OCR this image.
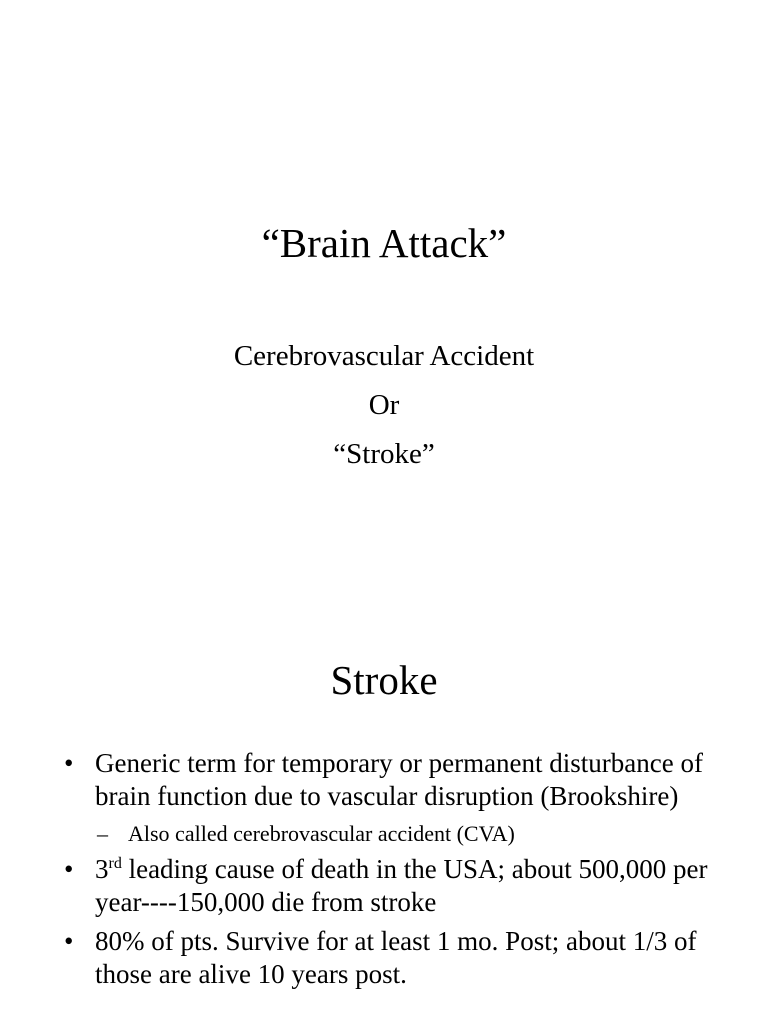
“Brain Attack”
Cerebrovascular Accident
Or
“Stroke”
Stroke
• Generic term for temporary or permanent disturbance of brain function due to vascular disruption (Brookshire)
– Also called cerebrovascular accident (CVA)
• 3rd leading cause of death in the USA; about 500,000 per year----150,000 die from stroke
• 80% of pts. Survive for at least 1 mo. Post; about 1/3 of those are alive 10 years post.
